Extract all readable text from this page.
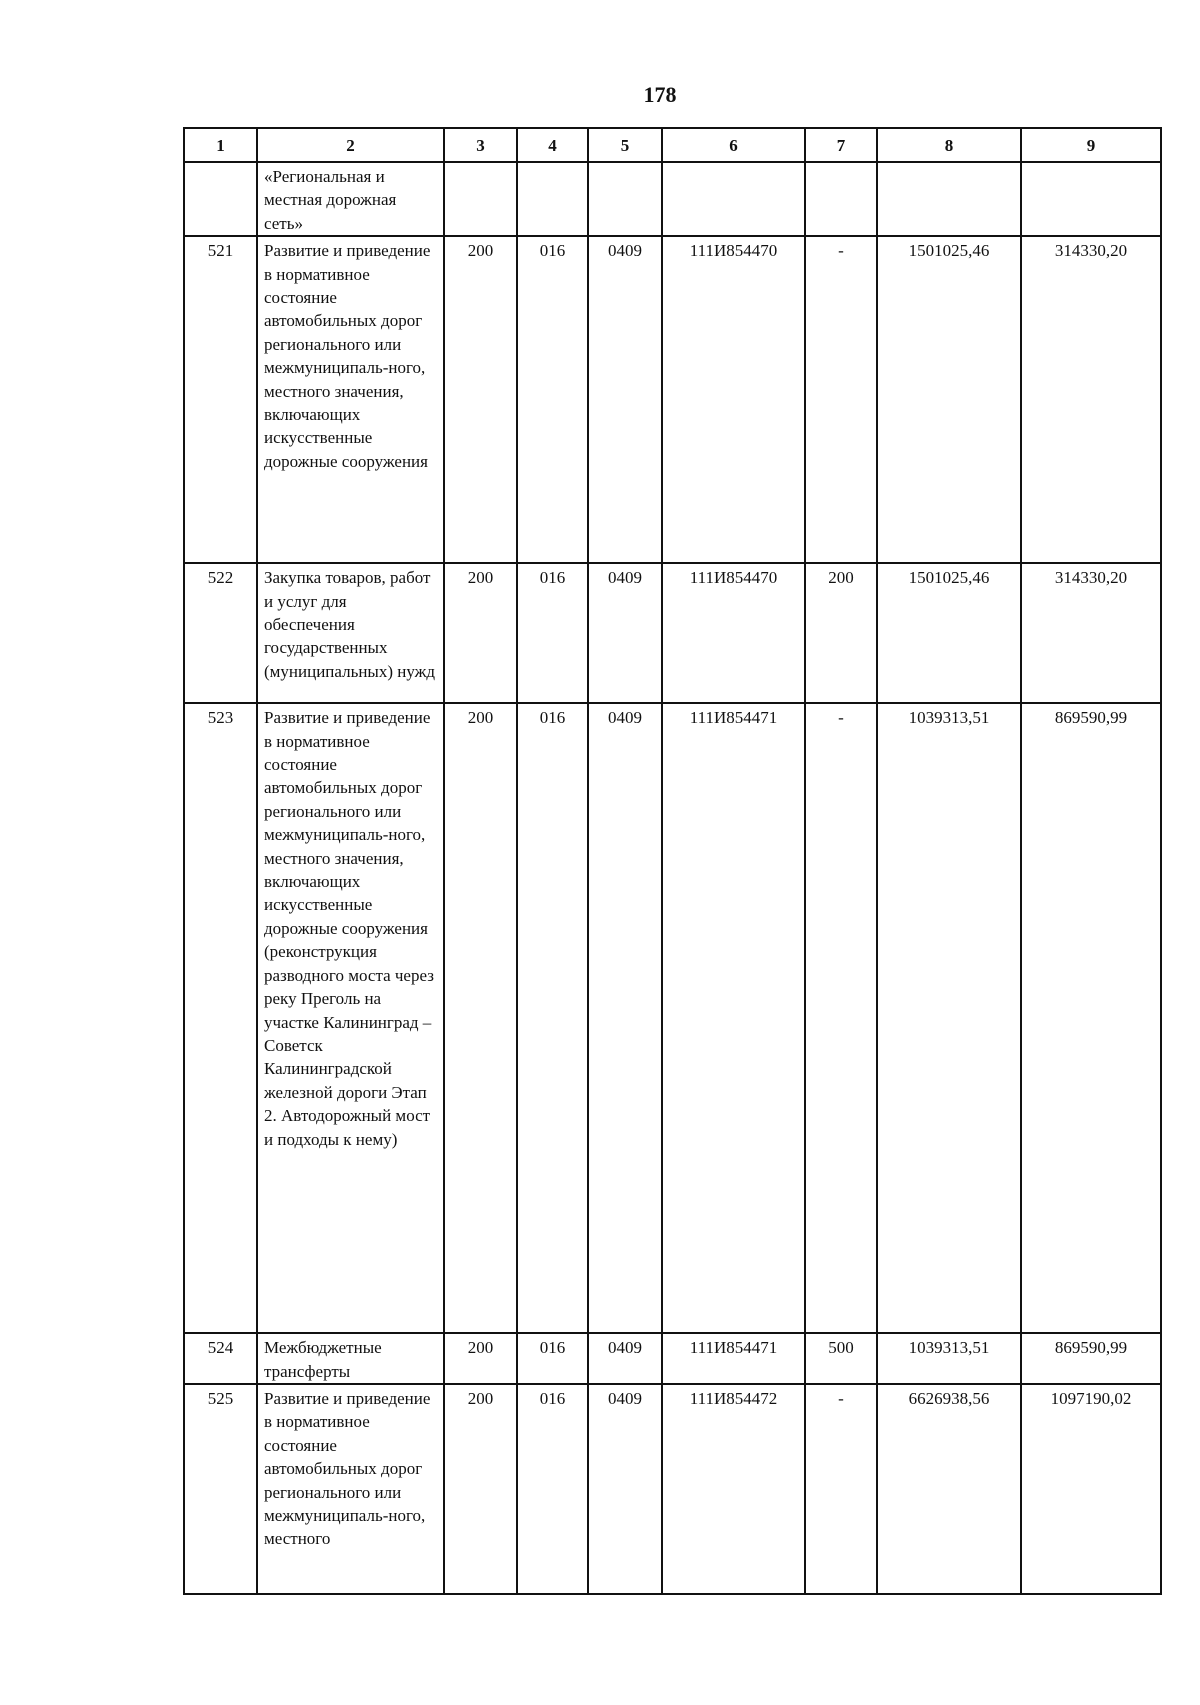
178
1	2	3	4	5	6	7	8	9
	«Региональная и местная дорожная сеть»							
521	Развитие и приведение в нормативное состояние автомобильных дорог регионального или межмуниципаль-ного, местного значения, включающих искусственные дорожные сооружения	200	016	0409	111И854470	-	1501025,46	314330,20
522	Закупка товаров, работ и услуг для обеспечения государственных (муниципальных) нужд	200	016	0409	111И854470	200	1501025,46	314330,20
523	Развитие и приведение в нормативное состояние автомобильных дорог регионального или межмуниципаль-ного, местного значения, включающих искусственные дорожные сооружения (реконструкция разводного моста через реку Преголь на участке Калининград – Советск Калининградской железной дороги Этап 2. Автодорожный мост и подходы к нему)	200	016	0409	111И854471	-	1039313,51	869590,99
524	Межбюджетные трансферты	200	016	0409	111И854471	500	1039313,51	869590,99
525	Развитие и приведение в нормативное состояние автомобильных дорог регионального или межмуниципаль-ного, местного	200	016	0409	111И854472	-	6626938,56	1097190,02
